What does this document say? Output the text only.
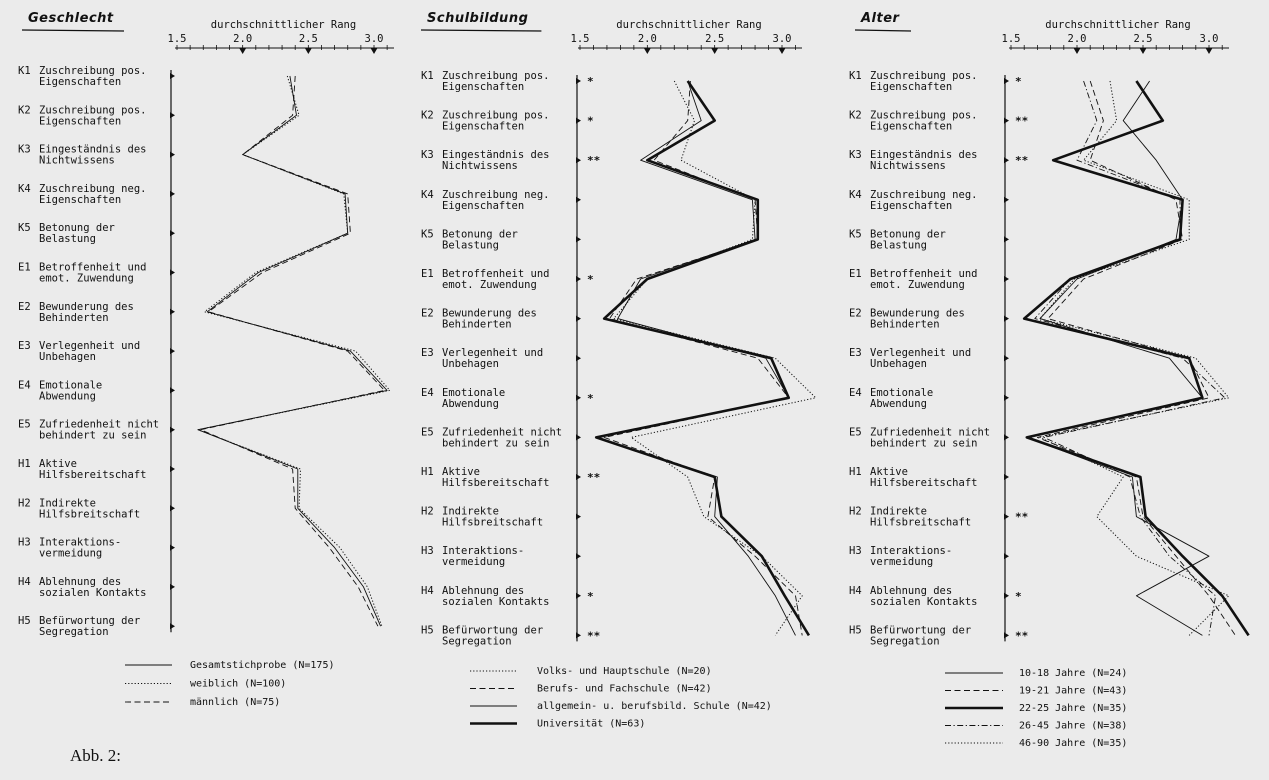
Geschlecht	durchschnittlicher Rang
1.5	2.0	2.5	3.0
K1 Zuschreibung pos.
Eigenschaften
K2 Zuschreibung pos.
Eigenschaften
K3 Eingeständnis des
Nichtwissens
K4 Zuschreibung neg.
Eigenschaften
K5 Betonung der
Belastung
E1 Betroffenheit und
emot. Zuwendung
E2 Bewunderung des
Behinderten
E3 Verlegenheit und
Unbehagen
E4 Emotionale
Abwendung
E5 Zufriedenheit nicht
behindert zu sein
H1 Aktive
Hilfsbereitschaft
H2 Indirekte
Hilfsbreitschaft
H3 Interaktions-
vermeidung
H4 Ablehnung des
sozialen Kontakts
H5 Befürwortung der
Segregation
Gesamtstichprobe (N=175)
weiblich (N=100)
männlich (N=75)
Schulbildung	durchschnittlicher Rang
1.5	2.0	2.5	3.0
K1 Zuschreibung pos.
Eigenschaften	*
K2 Zuschreibung pos.
Eigenschaften	*
K3 Eingeständnis des
Nichtwissens	**
K4 Zuschreibung neg.
Eigenschaften
K5 Betonung der
Belastung
E1 Betroffenheit und
emot. Zuwendung	*
E2 Bewunderung des
Behinderten
E3 Verlegenheit und
Unbehagen
E4 Emotionale
Abwendung	*
E5 Zufriedenheit nicht
behindert zu sein
H1 Aktive
Hilfsbereitschaft	**
H2 Indirekte
Hilfsbreitschaft
H3 Interaktions-
vermeidung
H4 Ablehnung des
sozialen Kontakts	*
H5 Befürwortung der
Segregation	**
Volks- und Hauptschule (N=20)
Berufs- und Fachschule (N=42)
allgemein- u. berufsbild. Schule (N=42)
Universität (N=63)
Alter	durchschnittlicher Rang
1.5	2.0	2.5	3.0
K1 Zuschreibung pos.
Eigenschaften	*
K2 Zuschreibung pos.
Eigenschaften	**
K3 Eingeständnis des
Nichtwissens	**
K4 Zuschreibung neg.
Eigenschaften
K5 Betonung der
Belastung
E1 Betroffenheit und
emot. Zuwendung
E2 Bewunderung des
Behinderten
E3 Verlegenheit und
Unbehagen
E4 Emotionale
Abwendung
E5 Zufriedenheit nicht
behindert zu sein
H1 Aktive
Hilfsbereitschaft
H2 Indirekte
Hilfsbreitschaft	**
H3 Interaktions-
vermeidung
H4 Ablehnung des
sozialen Kontakts	*
H5 Befürwortung der
Segregation	**
10-18 Jahre (N=24)
19-21 Jahre (N=43)
22-25 Jahre (N=35)
26-45 Jahre (N=38)
46-90 Jahre (N=35)
Abb. 2:
